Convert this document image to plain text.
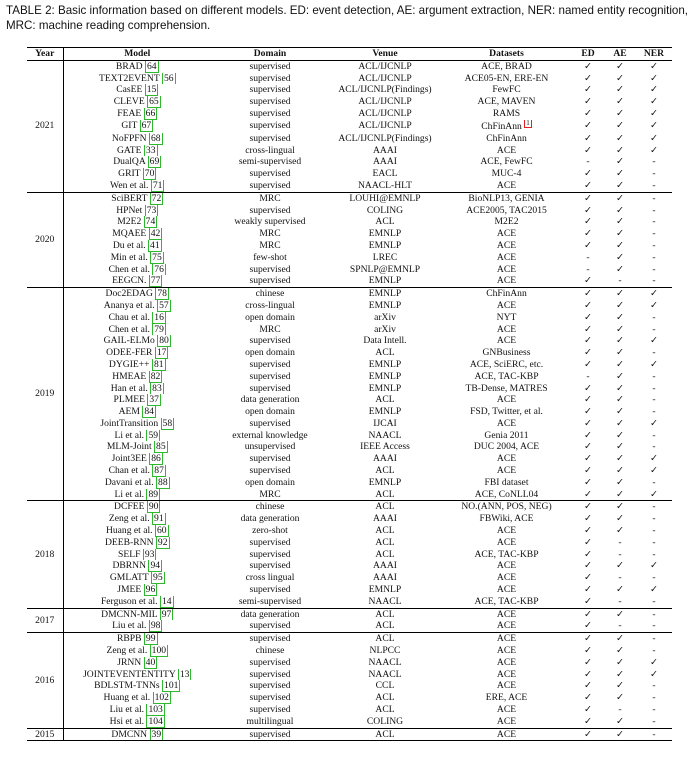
TABLE 2: Basic information based on different models. ED: event detection, AE: argument extraction, NER: named entity recognition, MRC: machine reading comprehension.
Year	Model	Domain	Venue	Datasets	ED	AE	NER
2021	BRAD 64	supervised	ACL/IJCNLP	ACE, BRAD	✓	✓	✓
	TEXT2EVENT 56	supervised	ACL/IJCNLP	ACE05-EN, ERE-EN	✓	✓	✓
	CasEE 15	supervised	ACL/IJCNLP(Findings)	FewFC	✓	✓	✓
	CLEVE 65	supervised	ACL/IJCNLP	ACE, MAVEN	✓	✓	✓
	FEAE 66	supervised	ACL/IJCNLP	RAMS	✓	✓	✓
	GIT 67	supervised	ACL/IJCNLP	ChFinAnn $^1$	✓	✓	✓
	NoFPFN 68	supervised	ACL/IJCNLP(Findings)	ChFinAnn	✓	✓	✓
	GATE 33	cross-lingual	AAAI	ACE	✓	✓	✓
	DualQA 69	semi-supervised	AAAI	ACE, FewFC	-	✓	-
	GRIT 70	supervised	EACL	MUC-4	✓	✓	-
	Wen et al. 71	supervised	NAACL-HLT	ACE	✓	✓	-
2020	SciBERT 72	MRC	LOUHI@EMNLP	BioNLP13, GENIA	✓	✓	-
	HPNet 73	supervised	COLING	ACE2005, TAC2015	✓	✓	-
	M2E2 74	weakly supervised	ACL	M2E2	✓	✓	-
	MQAEE 42	MRC	EMNLP	ACE	✓	✓	-
	Du et al. 41	MRC	EMNLP	ACE	✓	✓	-
	Min et al. 75	few-shot	LREC	ACE	-	✓	-
	Chen et al. 76	supervised	SPNLP@EMNLP	ACE	-	✓	-
	EEGCN. 77	supervised	EMNLP	ACE	✓	-	-
2019	Doc2EDAG 78	chinese	EMNLP	ChFinAnn	✓	✓	✓
	Ananya et al. 57	cross-lingual	EMNLP	ACE	✓	✓	✓
	Chau et al. 16	open domain	arXiv	NYT	✓	✓	-
	Chen et al. 79	MRC	arXiv	ACE	✓	✓	-
	GAIL-ELMo 80	supervised	Data Intell.	ACE	✓	✓	✓
	ODEE-FER 17	open domain	ACL	GNBusiness	✓	✓	-
	DYGIE++ 81	supervised	EMNLP	ACE, SciERC, etc.	✓	✓	✓
	HMEAE 82	supervised	EMNLP	ACE, TAC-KBP	-	✓	-
	Han et al. 83	supervised	EMNLP	TB-Dense, MATRES	✓	✓	-
	PLMEE 37	data generation	ACL	ACE	✓	✓	-
	AEM 84	open domain	EMNLP	FSD, Twitter, et al.	✓	✓	-
	JointTransition 58	supervised	IJCAI	ACE	✓	✓	✓
	Li et al. 59	external knowledge	NAACL	Genia 2011	✓	✓	-
	MLM-Joint 85	unsupervised	IEEE Access	DUC 2004, ACE	✓	✓	-
	Joint3EE 86	supervised	AAAI	ACE	✓	✓	✓
	Chan et al. 87	supervised	ACL	ACE	✓	✓	✓
	Davani et al. 88	open domain	EMNLP	FBI dataset	✓	✓	-
	Li et al. 89	MRC	ACL	ACE, CoNLL04	✓	✓	✓
2018	DCFEE 90	chinese	ACL	NO.(ANN, POS, NEG)	✓	✓	-
	Zeng et al. 91	data generation	AAAI	FBWiki, ACE	✓	✓	-
	Huang et al. 60	zero-shot	ACL	ACE	✓	✓	-
	DEEB-RNN 92	supervised	ACL	ACE	✓	-	-
	SELF 93	supervised	ACL	ACE, TAC-KBP	✓	-	-
	DBRNN 94	supervised	AAAI	ACE	✓	✓	✓
	GMLATT 95	cross lingual	AAAI	ACE	✓	-	-
	JMEE 96	supervised	EMNLP	ACE	✓	✓	✓
	Ferguson et al. 14	semi-supervised	NAACL	ACE, TAC-KBP	✓	-	-
2017	DMCNN-MIL 97	data generation	ACL	ACE	✓	✓	-
	Liu et al. 98	supervised	ACL	ACE	✓	-	-
2016	RBPB 99	supervised	ACL	ACE	✓	✓	-
	Zeng et al. 100	chinese	NLPCC	ACE	✓	✓	-
	JRNN 40	supervised	NAACL	ACE	✓	✓	✓
	JOINTEVENTENTITY 13	supervised	NAACL	ACE	✓	✓	✓
	BDLSTM-TNNs 101	supervised	CCL	ACE	✓	✓	-
	Huang et al. 102	supervised	ACL	ERE, ACE	✓	✓	-
	Liu et al. 103	supervised	ACL	ACE	✓	-	-
	Hsi et al. 104	multilingual	COLING	ACE	✓	✓	-
2015	DMCNN 39	supervised	ACL	ACE	✓	✓	-
